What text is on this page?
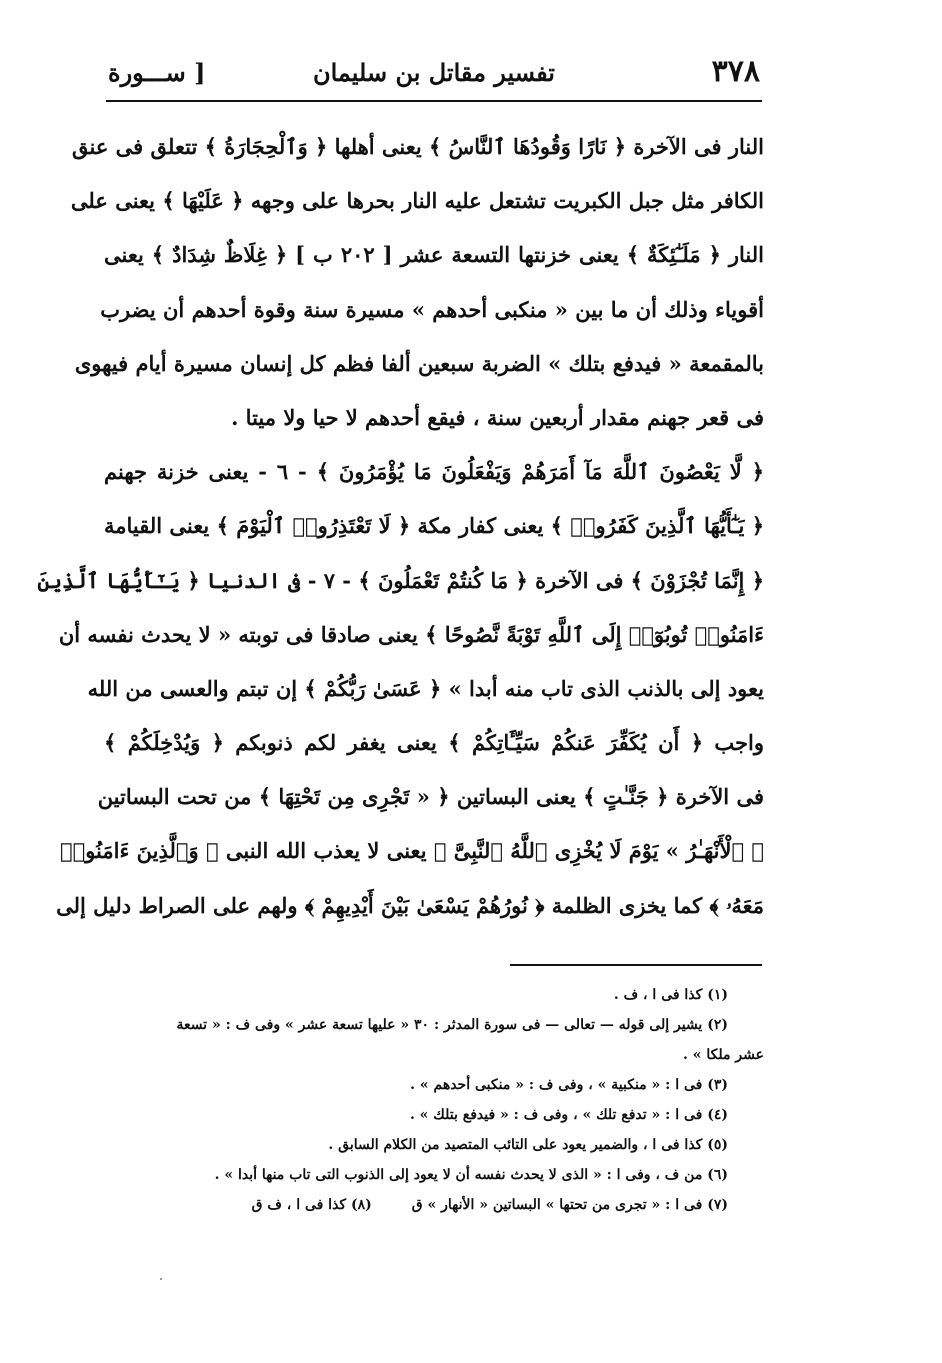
٣٧٨
تفسير مقاتل بن سليمان
[ ســـورة
النار فى الآخرة ﴿ نَارًا وَقُودُهَا ٱلنَّاسُ ﴾ يعنى أهلها ﴿ وَٱلْحِجَارَةُ ﴾ تتعلق فى عنق
الكافر مثل جبل الكبريت تشتعل عليه النار بحرها على وجهه ﴿ عَلَيْهَا ﴾ يعنى على
النار ﴿ مَلَـٰٓئِكَةٌ ﴾ يعنى خزنتها التسعة عشر [ ٢٠٢ ب ] ﴿ غِلَاظٌ شِدَادٌ ﴾ يعنى
أقوياء وذلك أن ما بين « منكبى أحدهم » مسيرة سنة وقوة أحدهم أن يضرب
بالمقمعة « فيدفع بتلك » الضربة سبعين ألفا فظم كل إنسان مسيرة أيام فيهوى
فى قعر جهنم مقدار أربعين سنة ، فيقع أحدهم لا حيا ولا ميتا .
﴿ لَّا يَعْصُونَ ٱللَّهَ مَآ أَمَرَهُمْ وَيَفْعَلُونَ مَا يُؤْمَرُونَ ﴾ - ٦ - يعنى خزنة جهنم
﴿ يَـٰٓأَيُّهَا ٱلَّذِينَ كَفَرُوا۟ ﴾ يعنى كفار مكة ﴿ لَا تَعْتَذِرُوا۟ ٱلْيَوْمَ ﴾ يعنى القيامة
﴿ إِنَّمَا تُجْزَوْنَ ﴾ فى الآخرة ﴿ مَا كُنتُمْ تَعْمَلُونَ ﴾ - ٧ - فى الدنيا ﴿ يَـٰٓأَيُّهَا ٱلَّذِينَ
ءَامَنُوا۟ تُوبُوٓا۟ إِلَى ٱللَّهِ تَوْبَةً نَّصُوحًا ﴾ يعنى صادقا فى توبته « لا يحدث نفسه أن
يعود إلى بالذنب الذى تاب منه أبدا » ﴿ عَسَىٰ رَبُّكُمْ ﴾ إن تبتم والعسى من الله
واجب ﴿ أَن يُكَفِّرَ عَنكُمْ سَيِّـَٔاتِكُمْ ﴾ يعنى يغفر لكم ذنوبكم ﴿ وَيُدْخِلَكُمْ ﴾
فى الآخرة ﴿ جَنَّـٰتٍ ﴾ يعنى البساتين ﴿ « تَجْرِى مِن تَحْتِهَا ﴾ من تحت البساتين
﴿ ٱلْأَنْهَـٰرُ » يَوْمَ لَا يُخْزِى ٱللَّهُ ٱلنَّبِىَّ ﴾ يعنى لا يعذب الله النبى ﴿ وَٱلَّذِينَ ءَامَنُوا۟
مَعَهُۥ ﴾ كما يخزى الظلمة ﴿ نُورُهُمْ يَسْعَىٰ بَيْنَ أَيْدِيهِمْ ﴾ ولهم على الصراط دليل إلى
(١) كذا فى ا ، ف .
(٢) يشير إلى قوله — تعالى — فى سورة المدثر : ٣٠ « عليها تسعة عشر » وفى ف : « تسعة
عشر ملكا » .
(٣) فى ا : « منكبية » ، وفى ف : « منكبى أحدهم » .
(٤) فى ا : « تدفع تلك » ، وفى ف : « فيدفع بتلك » .
(٥) كذا فى ا ، والضمير يعود على التائب المتصيد من الكلام السابق .
(٦) من ف ، وفى ا : « الذى لا يحدث نفسه أن لا يعود إلى الذنوب التى تاب منها أبدا » .
(٧) فى ا : « تجرى من تحتها » البساتين « الأنهار » ق
(٨) كذا فى ا ، ف ق
